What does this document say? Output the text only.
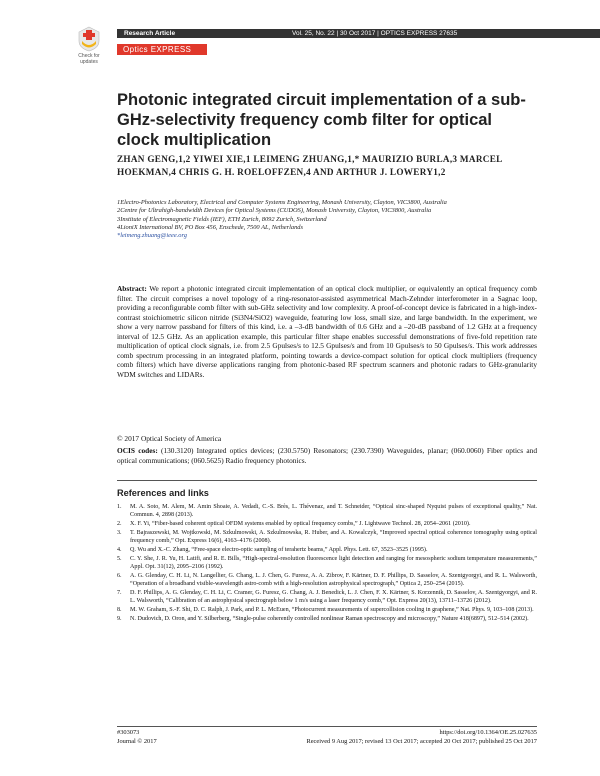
Check for updates
Research Article	Vol. 25, No. 22 | 30 Oct 2017 | OPTICS EXPRESS 27635
Optics EXPRESS
Photonic integrated circuit implementation of a sub-GHz-selectivity frequency comb filter for optical clock multiplication
ZHAN GENG,1,2 YIWEI XIE,1 LEIMENG ZHUANG,1,* MAURIZIO BURLA,3 MARCEL HOEKMAN,4 CHRIS G. H. ROELOFFZEN,4 AND ARTHUR J. LOWERY1,2
1Electro-Photonics Laboratory, Electrical and Computer Systems Engineering, Monash University, Clayton, VIC3800, Australia
2Centre for Ultrahigh-bandwidth Devices for Optical Systems (CUDOS), Monash University, Clayton, VIC3800, Australia
3Institute of Electromagnetic Fields (IEF), ETH Zurich, 8092 Zurich, Switzerland
4LioniX International BV, PO Box 456, Enschede, 7500 AL, Netherlands
*leimeng.zhuang@ieee.org
Abstract: We report a photonic integrated circuit implementation of an optical clock multiplier, or equivalently an optical frequency comb filter. The circuit comprises a novel topology of a ring-resonator-assisted asymmetrical Mach-Zehnder interferometer in a Sagnac loop, providing a reconfigurable comb filter with sub-GHz selectivity and low complexity. A proof-of-concept device is fabricated in a high-index-contrast stoichiometric silicon nitride (Si3N4/SiO2) waveguide, featuring low loss, small size, and large bandwidth. In the experiment, we show a very narrow passband for filters of this kind, i.e. a –3-dB bandwidth of 0.6 GHz and a –20-dB passband of 1.2 GHz at a frequency interval of 12.5 GHz. As an application example, this particular filter shape enables successful demonstrations of five-fold repetition rate multiplication of optical clock signals, i.e. from 2.5 Gpulses/s to 12.5 Gpulses/s and from 10 Gpulses/s to 50 Gpulses/s. This work addresses comb spectrum processing in an integrated platform, pointing towards a device-compact solution for optical clock multipliers (frequency comb filters) which have diverse applications ranging from photonic-based RF spectrum scanners and photonic radars to GHz-granularity WDM switches and LIDARs.
© 2017 Optical Society of America
OCIS codes: (130.3120) Integrated optics devices; (230.5750) Resonators; (230.7390) Waveguides, planar; (060.0060) Fiber optics and optical communications; (060.5625) Radio frequency photonics.
References and links
1. M. A. Soto, M. Alem, M. Amin Shoaie, A. Vedadi, C.-S. Brès, L. Thévenaz, and T. Schneider, “Optical sinc-shaped Nyquist pulses of exceptional quality,” Nat. Commun. 4, 2898 (2013).
2. X. F. Yi, “Fiber-based coherent optical OFDM systems enabled by optical frequency combs,” J. Lightwave Technol. 28, 2054–2061 (2010).
3. T. Bajraszewski, M. Wojtkowski, M. Szkulmowski, A. Szkulmowska, R. Huber, and A. Kowalczyk, “Improved spectral optical coherence tomography using optical frequency comb,” Opt. Express 16(6), 4163–4176 (2008).
4. Q. Wu and X.-C. Zhang, “Free-space electro-optic sampling of terahertz beams,” Appl. Phys. Lett. 67, 3523–3525 (1995).
5. C. Y. She, J. R. Yu, H. Latifi, and R. E. Bills, “High-spectral-resolution fluorescence light detection and ranging for mesospheric sodium temperature measurements,” Appl. Opt. 31(12), 2095–2106 (1992).
6. A. G. Glenday, C. H. Li, N. Langellier, G. Chang, L. J. Chen, G. Furesz, A. A. Zibrov, F. Kärtner, D. F. Phillips, D. Sasselov, A. Szentgyorgyi, and R. L. Walsworth, “Operation of a broadband visible-wavelength astro-comb with a high-resolution astrophysical spectrograph,” Optica 2, 250–254 (2015).
7. D. F. Phillips, A. G. Glenday, C. H. Li, C. Cramer, G. Furesz, G. Chang, A. J. Benedick, L. J. Chen, F. X. Kärtner, S. Korzennik, D. Sasselov, A. Szentgyorgyi, and R. L. Walsworth, “Calibration of an astrophysical spectrograph below 1 m/s using a laser frequency comb,” Opt. Express 20(13), 13711–13726 (2012).
8. M. W. Graham, S.-F. Shi, D. C. Ralph, J. Park, and P. L. McEuen, “Photocurrent measurements of supercollision cooling in graphene,” Nat. Phys. 9, 103–108 (2013).
9. N. Dudovich, D. Oron, and Y. Silberberg, “Single-pulse coherently controlled nonlinear Raman spectroscopy and microscopy,” Nature 418(6897), 512–514 (2002).
#303073	https://doi.org/10.1364/OE.25.027635
Journal © 2017	Received 9 Aug 2017; revised 13 Oct 2017; accepted 20 Oct 2017; published 25 Oct 2017
